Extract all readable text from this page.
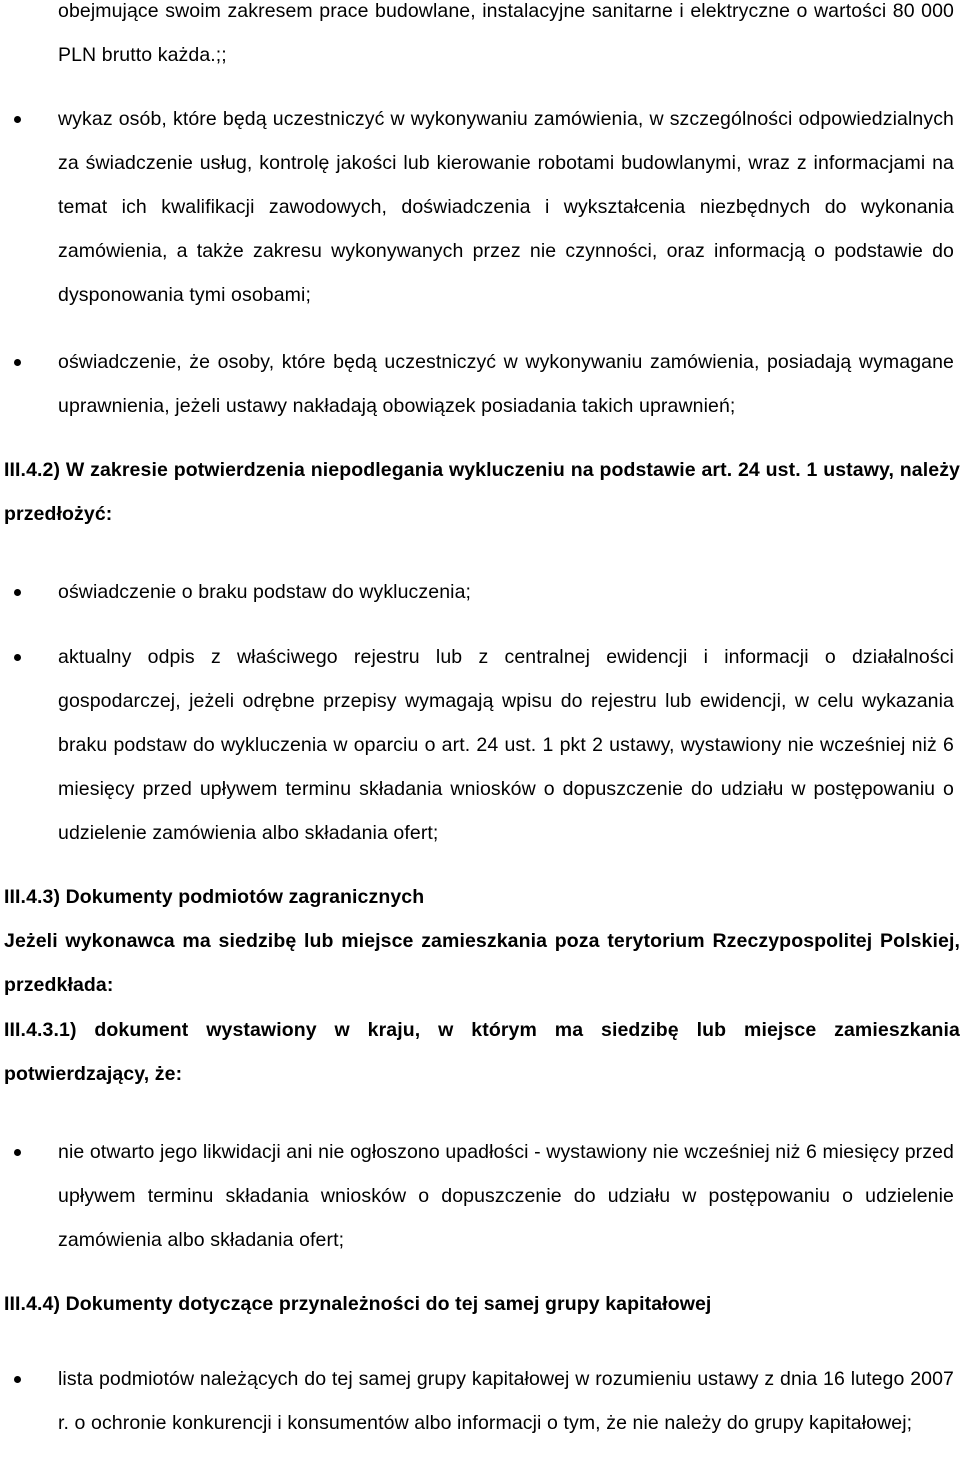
obejmujące swoim zakresem prace budowlane, instalacyjne sanitarne i elektryczne o wartości 80 000 PLN brutto każda.;;
wykaz osób, które będą uczestniczyć w wykonywaniu zamówienia, w szczególności odpowiedzialnych za świadczenie usług, kontrolę jakości lub kierowanie robotami budowlanymi, wraz z informacjami na temat ich kwalifikacji zawodowych, doświadczenia i wykształcenia niezbędnych do wykonania zamówienia, a także zakresu wykonywanych przez nie czynności, oraz informacją o podstawie do dysponowania tymi osobami;
oświadczenie, że osoby, które będą uczestniczyć w wykonywaniu zamówienia, posiadają wymagane uprawnienia, jeżeli ustawy nakładają obowiązek posiadania takich uprawnień;
III.4.2) W zakresie potwierdzenia niepodlegania wykluczeniu na podstawie art. 24 ust. 1 ustawy, należy przedłożyć:
oświadczenie o braku podstaw do wykluczenia;
aktualny odpis z właściwego rejestru lub z centralnej ewidencji i informacji o działalności gospodarczej, jeżeli odrębne przepisy wymagają wpisu do rejestru lub ewidencji, w celu wykazania braku podstaw do wykluczenia w oparciu o art. 24 ust. 1 pkt 2 ustawy, wystawiony nie wcześniej niż 6 miesięcy przed upływem terminu składania wniosków o dopuszczenie do udziału w postępowaniu o udzielenie zamówienia albo składania ofert;
III.4.3) Dokumenty podmiotów zagranicznych
Jeżeli wykonawca ma siedzibę lub miejsce zamieszkania poza terytorium Rzeczypospolitej Polskiej, przedkłada:
III.4.3.1) dokument wystawiony w kraju, w którym ma siedzibę lub miejsce zamieszkania potwierdzający, że:
nie otwarto jego likwidacji ani nie ogłoszono upadłości - wystawiony nie wcześniej niż 6 miesięcy przed upływem terminu składania wniosków o dopuszczenie do udziału w postępowaniu o udzielenie zamówienia albo składania ofert;
III.4.4) Dokumenty dotyczące przynależności do tej samej grupy kapitałowej
lista podmiotów należących do tej samej grupy kapitałowej w rozumieniu ustawy z dnia 16 lutego 2007 r. o ochronie konkurencji i konsumentów albo informacji o tym, że nie należy do grupy kapitałowej;
